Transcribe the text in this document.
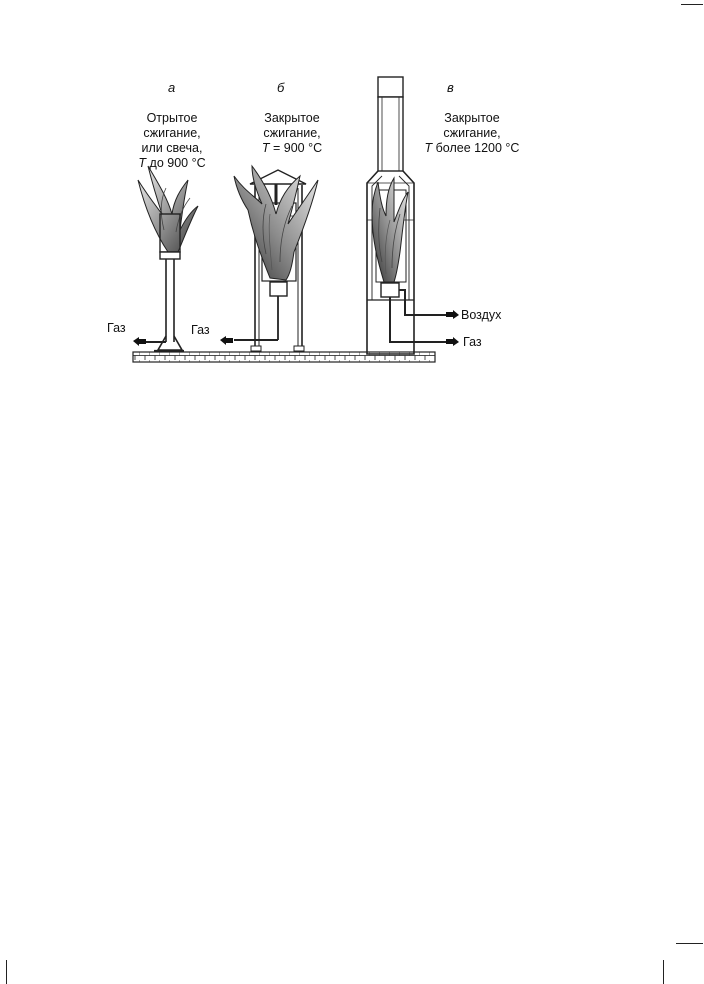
а
Отрытое
сжигание,
или свеча,
T до 900 °С
Газ
б
Закрытое
сжигание,
T = 900 °С
Газ
в
Закрытое
сжигание,
T более 1200 °С
Воздух
Газ
